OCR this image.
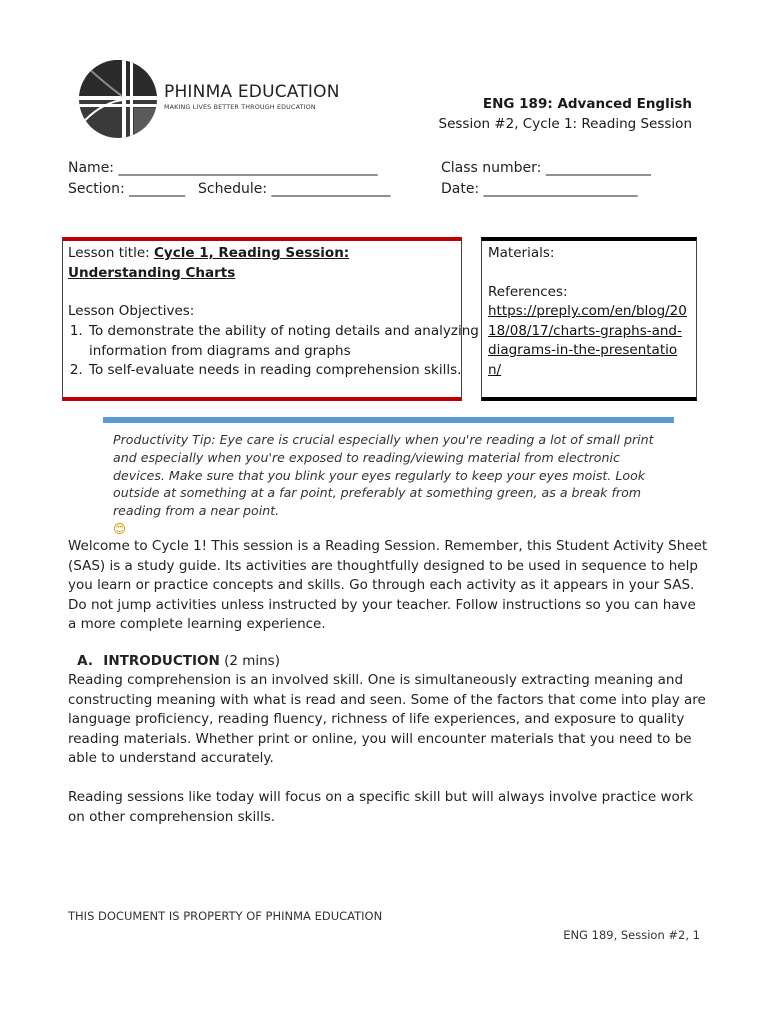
PHINMA EDUCATION
MAKING LIVES BETTER THROUGH EDUCATION	ENG 189: Advanced English
Session #2, Cycle 1: Reading Session
Name: _____________________________________	Class number: _______________
Section: ________ Schedule: _________________	Date: ______________________
Lesson title: Cycle 1, Reading Session: Understanding Charts
Lesson Objectives:
1. To demonstrate the ability of noting details and analyzing information from diagrams and graphs
2. To self-evaluate needs in reading comprehension skills.
Materials:
References:
https://preply.com/en/blog/2018/08/17/charts-graphs-and-diagrams-in-the-presentation/
Productivity Tip: Eye care is crucial especially when you're reading a lot of small print and especially when you're exposed to reading/viewing material from electronic devices. Make sure that you blink your eyes regularly to keep your eyes moist. Look outside at something at a far point, preferably at something green, as a break from reading from a near point.
😊
Welcome to Cycle 1! This session is a Reading Session. Remember, this Student Activity Sheet (SAS) is a study guide. Its activities are thoughtfully designed to be used in sequence to help you learn or practice concepts and skills. Go through each activity as it appears in your SAS. Do not jump activities unless instructed by your teacher. Follow instructions so you can have a more complete learning experience.
A. INTRODUCTION (2 mins)
Reading comprehension is an involved skill. One is simultaneously extracting meaning and constructing meaning with what is read and seen. Some of the factors that come into play are language proficiency, reading fluency, richness of life experiences, and exposure to quality reading materials. Whether print or online, you will encounter materials that you need to be able to understand accurately.
Reading sessions like today will focus on a specific skill but will always involve practice work on other comprehension skills.
THIS DOCUMENT IS PROPERTY OF PHINMA EDUCATION
ENG 189, Session #2, 1
